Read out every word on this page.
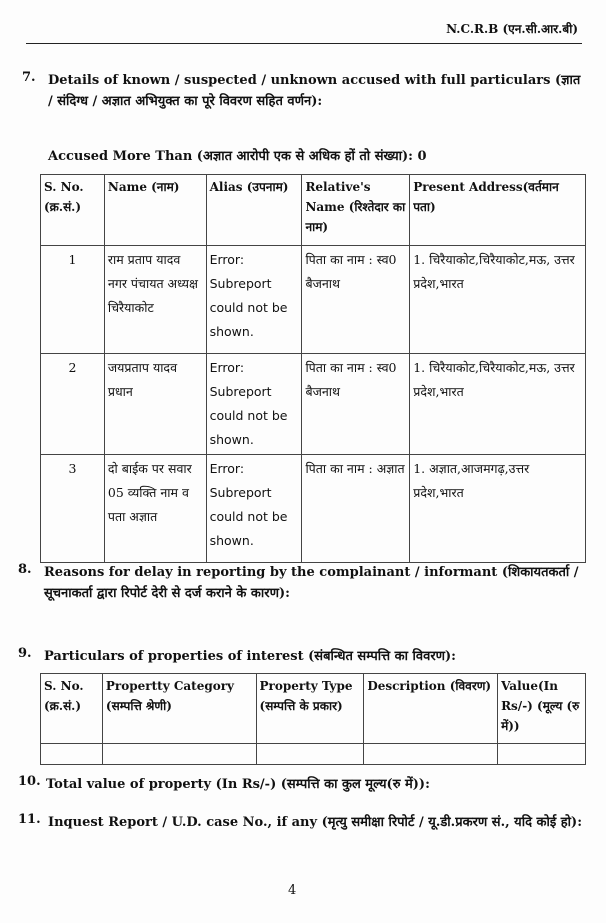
N.C.R.B (एन.सी.आर.बी)
7. Details of known / suspected / unknown accused with full particulars (ज्ञात / संदिग्ध / अज्ञात अभियुक्त का पूरे विवरण सहित वर्णन):
Accused More Than (अज्ञात आरोपी एक से अधिक हों तो संख्या): 0
S. No. (क्र.सं.)	Name (नाम)	Alias (उपनाम)	Relative's Name (रिश्तेदार का नाम)	Present Address(वर्तमान पता)
1	राम प्रताप यादव नगर पंचायत अध्यक्ष चिरैयाकोट	Error: Subreport could not be shown.	पिता का नाम : स्व0 बैजनाथ	1. चिरैयाकोट,चिरैयाकोट,मऊ, उत्तर प्रदेश,भारत
2	जयप्रताप यादव प्रधान	Error: Subreport could not be shown.	पिता का नाम : स्व0 बैजनाथ	1. चिरैयाकोट,चिरैयाकोट,मऊ, उत्तर प्रदेश,भारत
3	दो बाईक पर सवार 05 व्यक्ति नाम व पता अज्ञात	Error: Subreport could not be shown.	पिता का नाम : अज्ञात	1. अज्ञात,आजमगढ़,उत्तर प्रदेश,भारत
8. Reasons for delay in reporting by the complainant / informant (शिकायतकर्ता / सूचनाकर्ता द्वारा रिपोर्ट देरी से दर्ज कराने के कारण):
9. Particulars of properties of interest (संबन्धित सम्पत्ति का विवरण):
S. No. (क्र.सं.)	Propertty Category (सम्पत्ति श्रेणी)	Property Type (सम्पत्ति के प्रकार)	Description (विवरण)	Value(In Rs/-) (मूल्य (रु में))

10. Total value of property (In Rs/-) (सम्पत्ति का कुल मूल्य(रु में)):
11. Inquest Report / U.D. case No., if any (मृत्यु समीक्षा रिपोर्ट / यू.डी.प्रकरण सं., यदि कोई हो):
4
